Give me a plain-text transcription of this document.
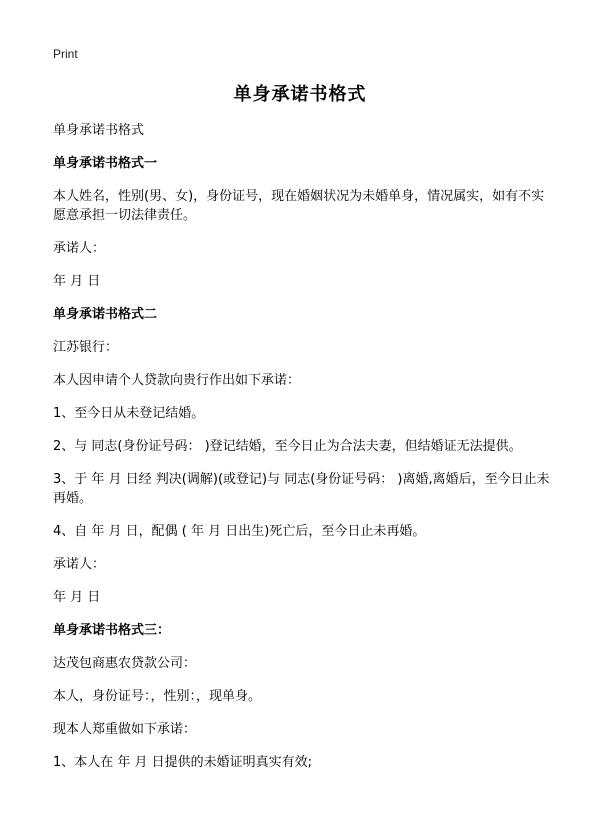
Print
单身承诺书格式

单身承诺书格式

单身承诺书格式一

本人姓名，性别(男、女)，身份证号，现在婚姻状况为未婚单身，情况属实，如有不实愿意承担一切法律责任。

承诺人：

年 月 日

单身承诺书格式二

江苏银行：

本人因申请个人贷款向贵行作出如下承诺：

1、至今日从未登记结婚。

2、与 同志(身份证号码： )登记结婚，至今日止为合法夫妻，但结婚证无法提供。

3、于 年 月 日经 判决(调解)(或登记)与 同志(身份证号码： )离婚,离婚后，至今日止未再婚。

4、自 年 月 日，配偶 ( 年 月 日出生)死亡后，至今日止未再婚。

承诺人：

年 月 日

单身承诺书格式三：

达茂包商惠农贷款公司：

本人，身份证号：，性别：，现单身。

现本人郑重做如下承诺：

1、本人在 年 月 日提供的未婚证明真实有效;
